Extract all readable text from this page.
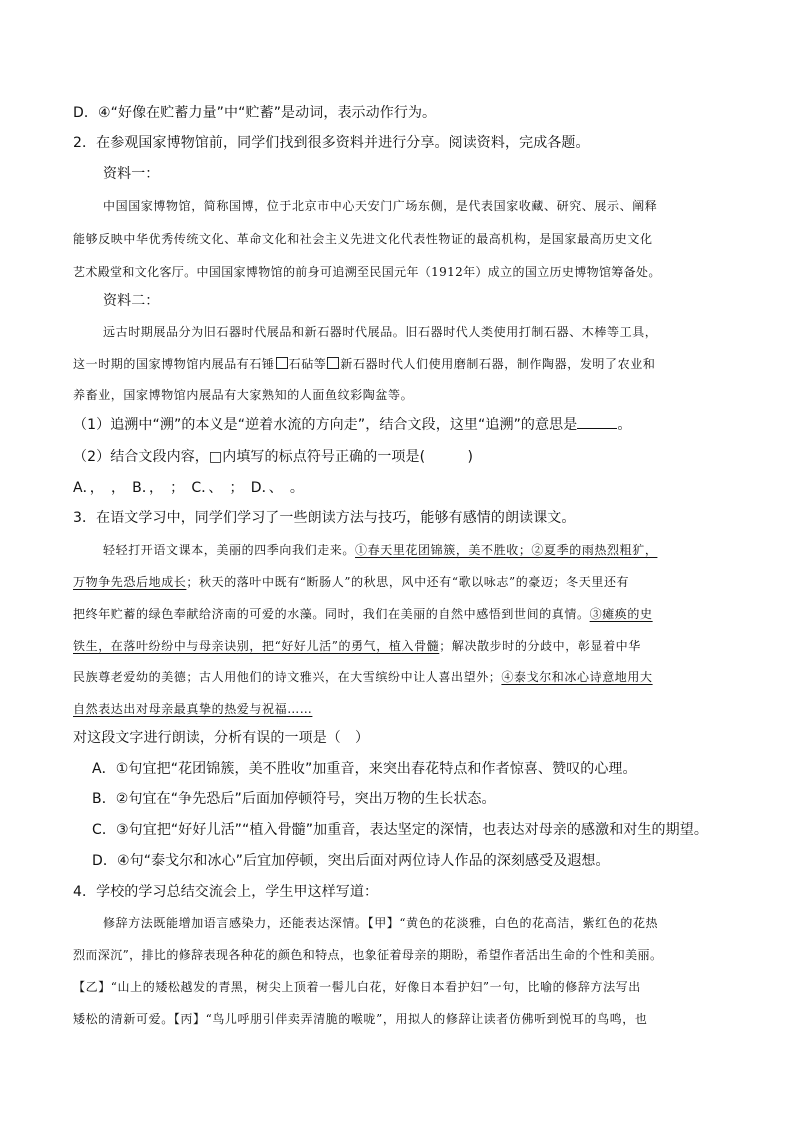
D．④“好像在贮蓄力量”中“贮蓄”是动词，表示动作行为。
2．在参观国家博物馆前，同学们找到很多资料并进行分享。阅读资料，完成各题。
资料一：
中国国家博物馆，简称国博，位于北京市中心天安门广场东侧，是代表国家收藏、研究、展示、阐释
能够反映中华优秀传统文化、革命文化和社会主义先进文化代表性物证的最高机构，是国家最高历史文化
艺术殿堂和文化客厅。中国国家博物馆的前身可追溯至民国元年（1912年）成立的国立历史博物馆筹备处。
资料二：
远古时期展品分为旧石器时代展品和新石器时代展品。旧石器时代人类使用打制石器、木棒等工具，
这一时期的国家博物馆内展品有石锤 石砧等 新石器时代人们使用磨制石器，制作陶器，发明了农业和
养畜业，国家博物馆内展品有大家熟知的人面鱼纹彩陶盆等。
（1）追溯中“溯”的本义是“逆着水流的方向走”，结合文段，这里“追溯”的意思是	。
（2）结合文段内容，□内填写的标点符号正确的一项是(　　　)
A．，　，　B．，　；　C．、　；　D．、　。
3．在语文学习中，同学们学习了一些朗读方法与技巧，能够有感情的朗读课文。
轻轻打开语文课本，美丽的四季向我们走来。①春天里花团锦簇，美不胜收；②夏季的雨热烈粗犷，
万物争先恐后地成长；秋天的落叶中既有“断肠人”的秋思，风中还有“歌以咏志”的豪迈；冬天里还有
把终年贮蓄的绿色奉献给济南的可爱的水藻。同时，我们在美丽的自然中感悟到世间的真情。③瘫痪的史
铁生，在落叶纷纷中与母亲诀别，把“好好儿活”的勇气，植入骨髓；解决散步时的分歧中，彰显着中华
民族尊老爱幼的美德；古人用他们的诗文雅兴，在大雪缤纷中让人喜出望外；④泰戈尔和冰心诗意地用大
自然表达出对母亲最真挚的热爱与祝福……
对这段文字进行朗读，分析有误的一项是（　）
A．①句宜把“花团锦簇，美不胜收”加重音，来突出春花特点和作者惊喜、赞叹的心理。
B．②句宜在“争先恐后”后面加停顿符号，突出万物的生长状态。
C．③句宜把“好好儿活”“植入骨髓”加重音，表达坚定的深情，也表达对母亲的感激和对生的期望。
D．④句“泰戈尔和冰心”后宜加停顿，突出后面对两位诗人作品的深刻感受及遐想。
4．学校的学习总结交流会上，学生甲这样写道：
修辞方法既能增加语言感染力，还能表达深情。【甲】“黄色的花淡雅，白色的花高洁，紫红色的花热
烈而深沉”，排比的修辞表现各种花的颜色和特点，也象征着母亲的期盼，希望作者活出生命的个性和美丽。
【乙】“山上的矮松越发的青黑，树尖上顶着一髻儿白花，好像日本看护妇”一句，比喻的修辞方法写出
矮松的清新可爱。【丙】“鸟儿呼朋引伴卖弄清脆的喉咙”，用拟人的修辞让读者仿佛听到悦耳的鸟鸣，也
